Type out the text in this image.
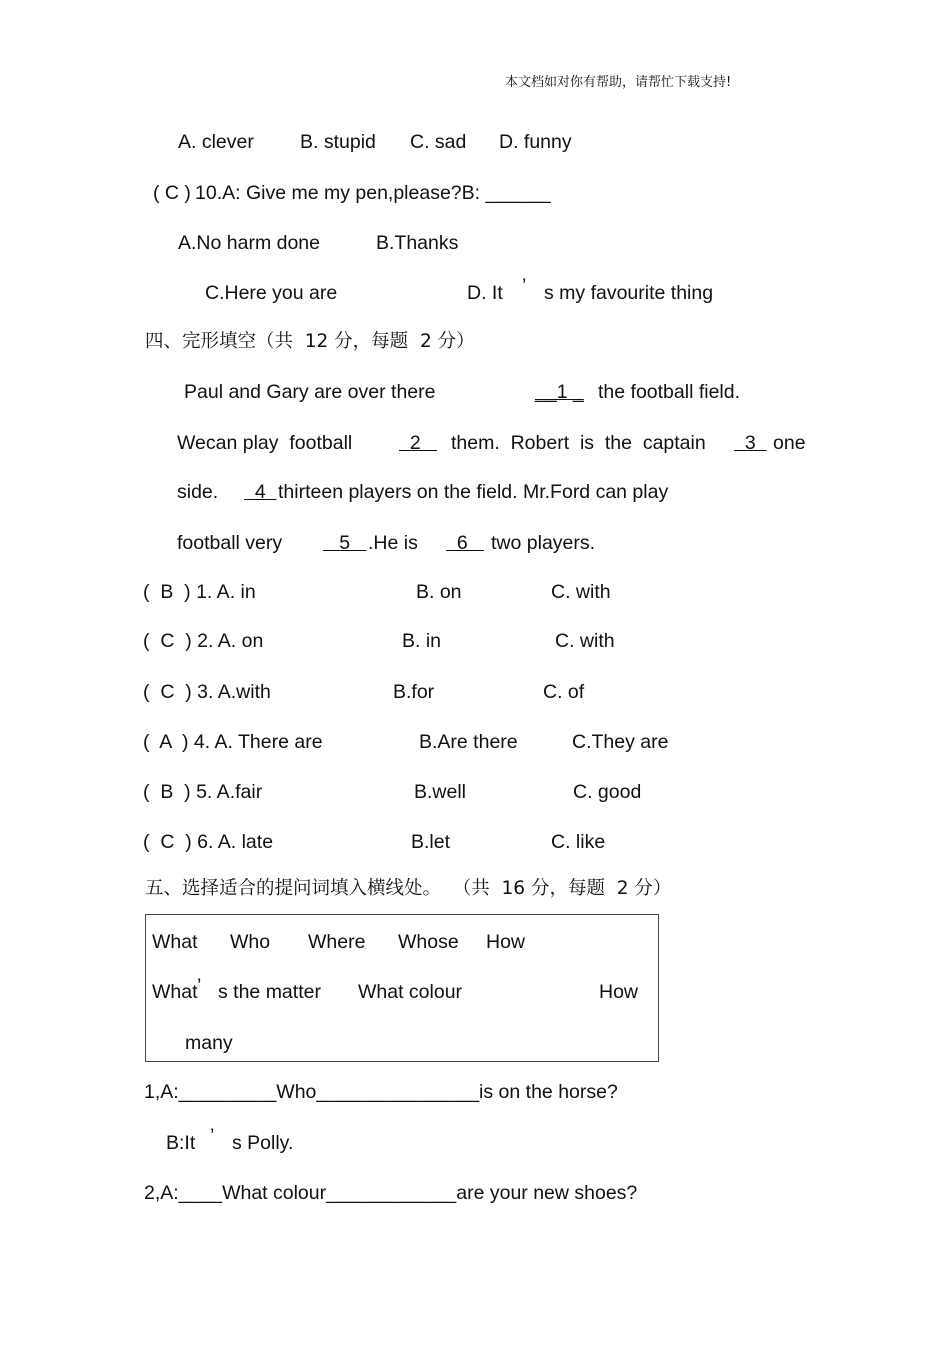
本文档如对你有帮助，请帮忙下载支持!
A. clever B. stupid C. sad D. funny
( C ) 10.A: Give me my pen,please?B: ______
A.No harm done	B.Thanks
C.Here you are	D. It ’ s my favourite thing
四、完形填空（共  12 分，每题  2 分）
Paul and Gary are over there	__1 _ the football field.
Wecan play  football 2 them.  Robert  is  the  captain 3 one
side. 4 thirteen players on the field. Mr.Ford can play
football very 5 .He is 6 two players.
(  B  ) 1. A. in	B. on	C. with
(  C  ) 2. A. on	B. in	C. with
(  C  ) 3. A.with	B.for	C. of
(  A  ) 4. A. There are	B.Are there	C.They are
(  B  ) 5. A.fair	B.well	C. good
(  C  ) 6. A. late	B.let	C. like
五、选择适合的提问词填入横线处。  （共  16 分，每题  2 分）
What Who Where Whose How
What ’ s the matter What colour	How
many
1,A:_________Who_______________is on the horse?
B:It ’ s Polly.
2,A:____What colour____________are your new shoes?
